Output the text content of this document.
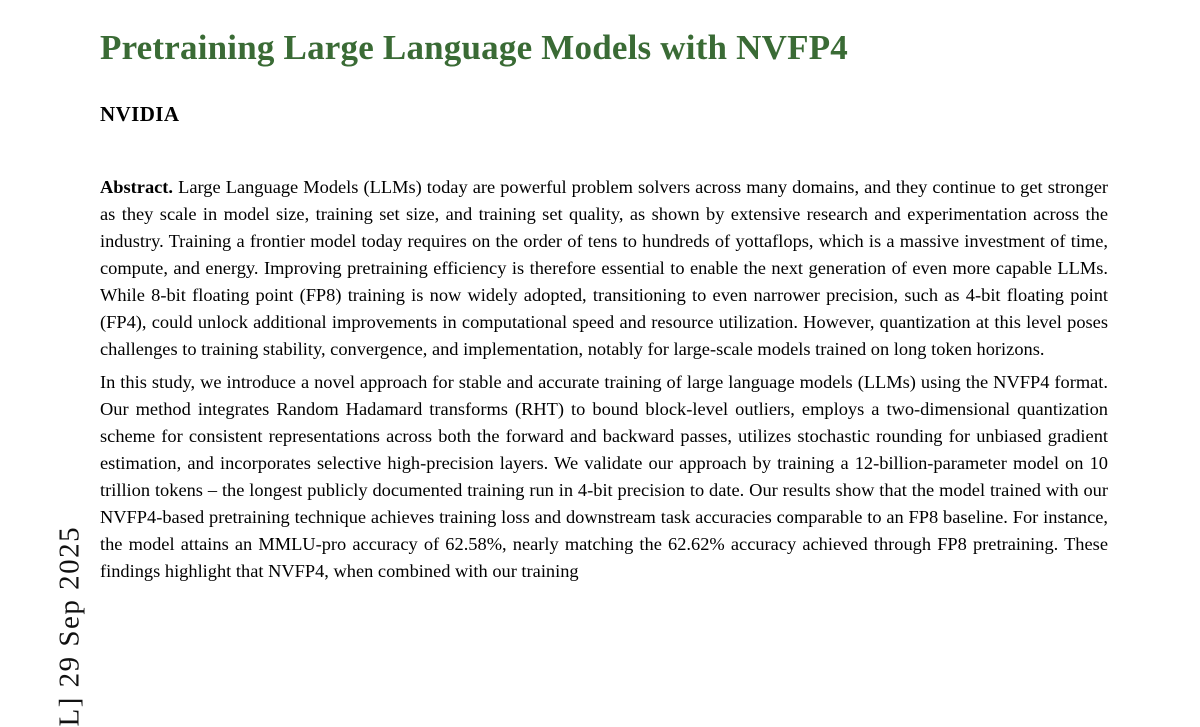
L] 29 Sep 2025
Pretraining Large Language Models with NVFP4
NVIDIA

Abstract. Large Language Models (LLMs) today are powerful problem solvers across many domains, and they continue to get stronger as they scale in model size, training set size, and training set quality, as shown by extensive research and experimentation across the industry. Training a frontier model today requires on the order of tens to hundreds of yottaflops, which is a massive investment of time, compute, and energy. Improving pretraining efficiency is therefore essential to enable the next generation of even more capable LLMs. While 8-bit floating point (FP8) training is now widely adopted, transitioning to even narrower precision, such as 4-bit floating point (FP4), could unlock additional improvements in computational speed and resource utilization. However, quantization at this level poses challenges to training stability, convergence, and implementation, notably for large-scale models trained on long token horizons.

In this study, we introduce a novel approach for stable and accurate training of large language models (LLMs) using the NVFP4 format. Our method integrates Random Hadamard transforms (RHT) to bound block-level outliers, employs a two-dimensional quantization scheme for consistent representations across both the forward and backward passes, utilizes stochastic rounding for unbiased gradient estimation, and incorporates selective high-precision layers. We validate our approach by training a 12-billion-parameter model on 10 trillion tokens – the longest publicly documented training run in 4-bit precision to date. Our results show that the model trained with our NVFP4-based pretraining technique achieves training loss and downstream task accuracies comparable to an FP8 baseline. For instance, the model attains an MMLU-pro accuracy of 62.58%, nearly matching the 62.62% accuracy achieved through FP8 pretraining. These findings highlight that NVFP4, when combined with our training
